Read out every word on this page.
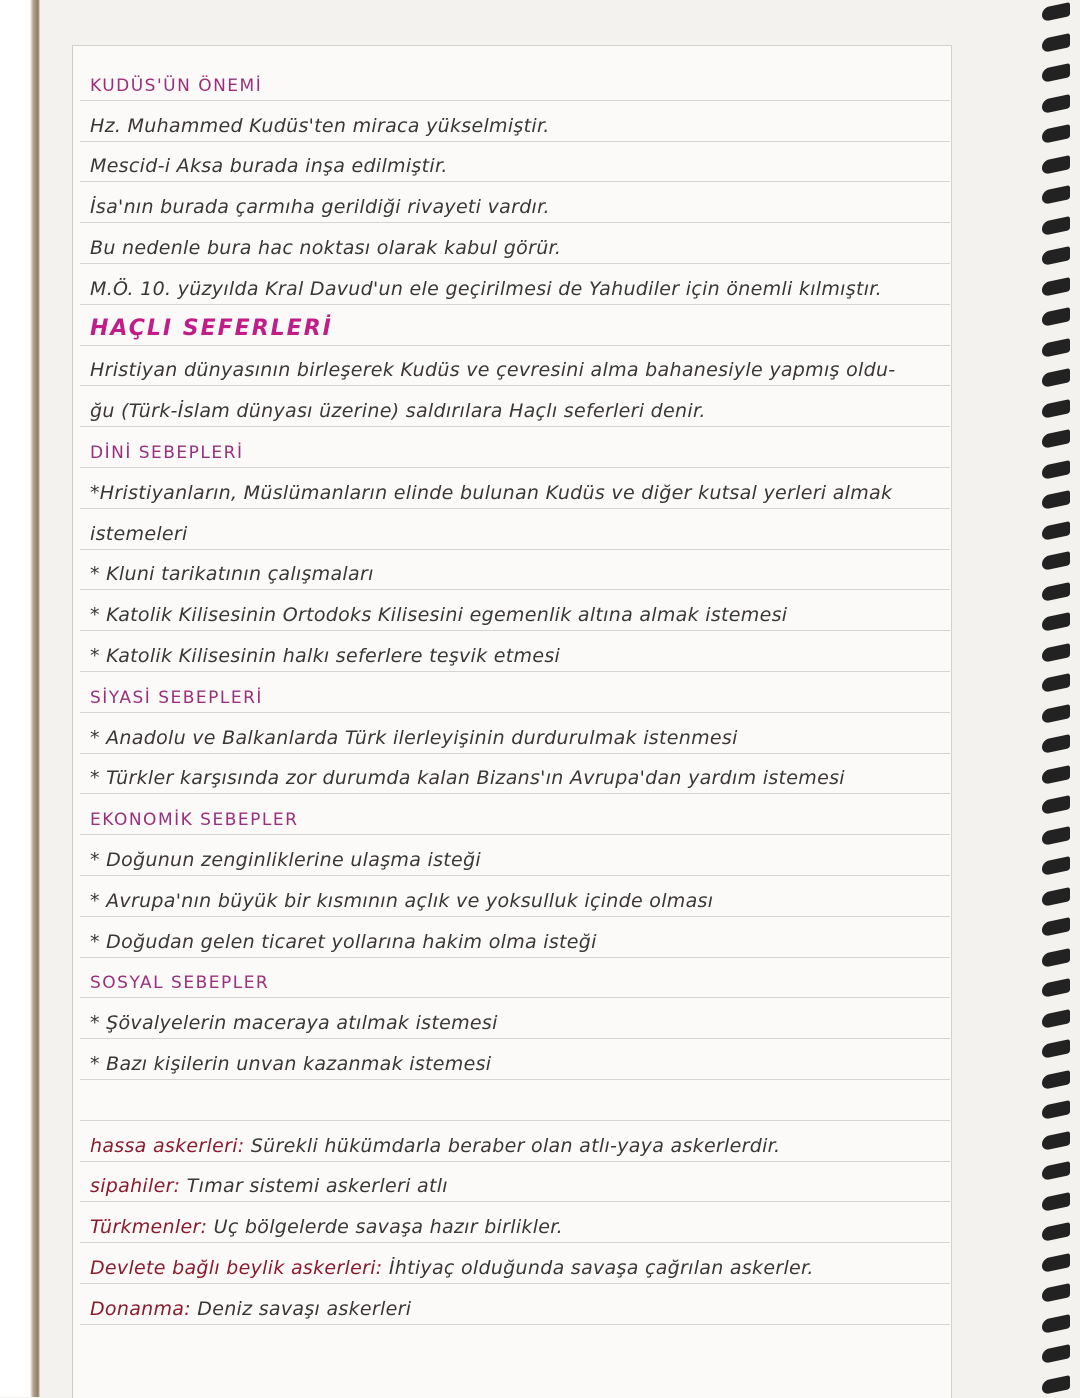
KUDÜS'ÜN ÖNEMİ
Hz. Muhammed Kudüs'ten miraca yükselmiştir.
Mescid-i Aksa burada inşa edilmiştir.
İsa'nın burada çarmıha gerildiği rivayeti vardır.
Bu nedenle bura hac noktası olarak kabul görür.
M.Ö. 10. yüzyılda Kral Davud'un ele geçirilmesi de Yahudiler için önemli kılmıştır.
HAÇLI SEFERLERİ
Hristiyan dünyasının birleşerek Kudüs ve çevresini alma bahanesiyle yapmış oldu-
ğu (Türk-İslam dünyası üzerine) saldırılara Haçlı seferleri denir.
DİNİ SEBEPLERİ
*Hristiyanların, Müslümanların elinde bulunan Kudüs ve diğer kutsal yerleri almak
istemeleri
* Kluni tarikatının çalışmaları
* Katolik Kilisesinin Ortodoks Kilisesini egemenlik altına almak istemesi
* Katolik Kilisesinin halkı seferlere teşvik etmesi
SİYASİ SEBEPLERİ
* Anadolu ve Balkanlarda Türk ilerleyişinin durdurulmak istenmesi
* Türkler karşısında zor durumda kalan Bizans'ın Avrupa'dan yardım istemesi
EKONOMİK SEBEPLER
* Doğunun zenginliklerine ulaşma isteği
* Avrupa'nın büyük bir kısmının açlık ve yoksulluk içinde olması
* Doğudan gelen ticaret yollarına hakim olma isteği
SOSYAL SEBEPLER
* Şövalyelerin maceraya atılmak istemesi
* Bazı kişilerin unvan kazanmak istemesi
hassa askerleri: Sürekli hükümdarla beraber olan atlı-yaya askerlerdir.
sipahiler: Tımar sistemi askerleri atlı
Türkmenler: Uç bölgelerde savaşa hazır birlikler.
Devlete bağlı beylik askerleri: İhtiyaç olduğunda savaşa çağrılan askerler.
Donanma: Deniz savaşı askerleri
